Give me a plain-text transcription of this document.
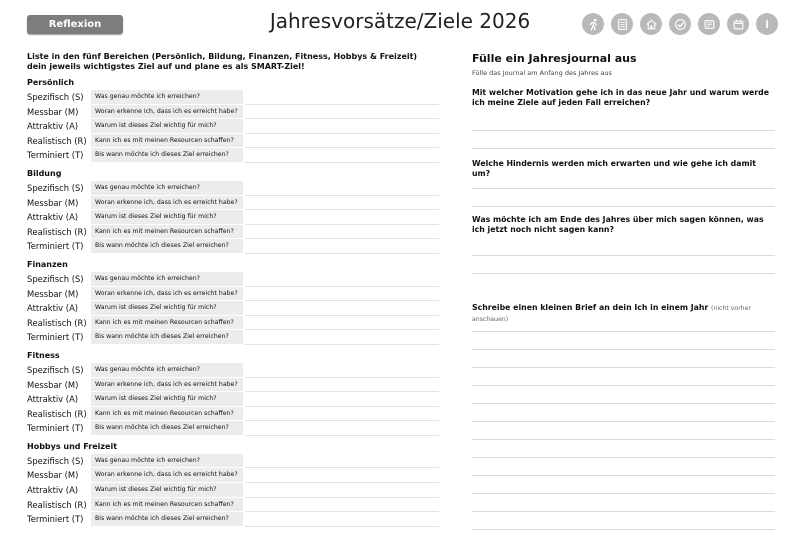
Reflexion	Jahresvorsätze/Ziele 2026	i
Liste in den fünf Bereichen (Persönlich, Bildung, Finanzen, Fitness, Hobbys & Freizeit) dein jeweils wichtigstes Ziel auf und plane es als SMART-Ziel!
Persönlich
Spezifisch (S)	Was genau möchte ich erreichen?
Messbar (M)	Woran erkenne ich, dass ich es erreicht habe?
Attraktiv (A)	Warum ist dieses Ziel wichtig für mich?
Realistisch (R)	Kann ich es mit meinen Resourcen schaffen?
Terminiert (T)	Bis wann möchte ich dieses Ziel erreichen?
Bildung
Spezifisch (S)	Was genau möchte ich erreichen?
Messbar (M)	Woran erkenne ich, dass ich es erreicht habe?
Attraktiv (A)	Warum ist dieses Ziel wichtig für mich?
Realistisch (R)	Kann ich es mit meinen Resourcen schaffen?
Terminiert (T)	Bis wann möchte ich dieses Ziel erreichen?
Finanzen
Spezifisch (S)	Was genau möchte ich erreichen?
Messbar (M)	Woran erkenne ich, dass ich es erreicht habe?
Attraktiv (A)	Warum ist dieses Ziel wichtig für mich?
Realistisch (R)	Kann ich es mit meinen Resourcen schaffen?
Terminiert (T)	Bis wann möchte ich dieses Ziel erreichen?
Fitness
Spezifisch (S)	Was genau möchte ich erreichen?
Messbar (M)	Woran erkenne ich, dass ich es erreicht habe?
Attraktiv (A)	Warum ist dieses Ziel wichtig für mich?
Realistisch (R)	Kann ich es mit meinen Resourcen schaffen?
Terminiert (T)	Bis wann möchte ich dieses Ziel erreichen?
Hobbys und Freizeit
Spezifisch (S)	Was genau möchte ich erreichen?
Messbar (M)	Woran erkenne ich, dass ich es erreicht habe?
Attraktiv (A)	Warum ist dieses Ziel wichtig für mich?
Realistisch (R)	Kann ich es mit meinen Resourcen schaffen?
Terminiert (T)	Bis wann möchte ich dieses Ziel erreichen?
Fülle ein Jahresjournal aus
Fülle das Journal am Anfang des Jahres aus
Mit welcher Motivation gehe ich in das neue Jahr und warum werde ich meine Ziele auf jeden Fall erreichen?
Welche Hindernis werden mich erwarten und wie gehe ich damit um?
Was möchte ich am Ende des Jahres über mich sagen können, was ich jetzt noch nicht sagen kann?
Schreibe einen kleinen Brief an dein Ich in einem Jahr (nicht vorher anschauen)
